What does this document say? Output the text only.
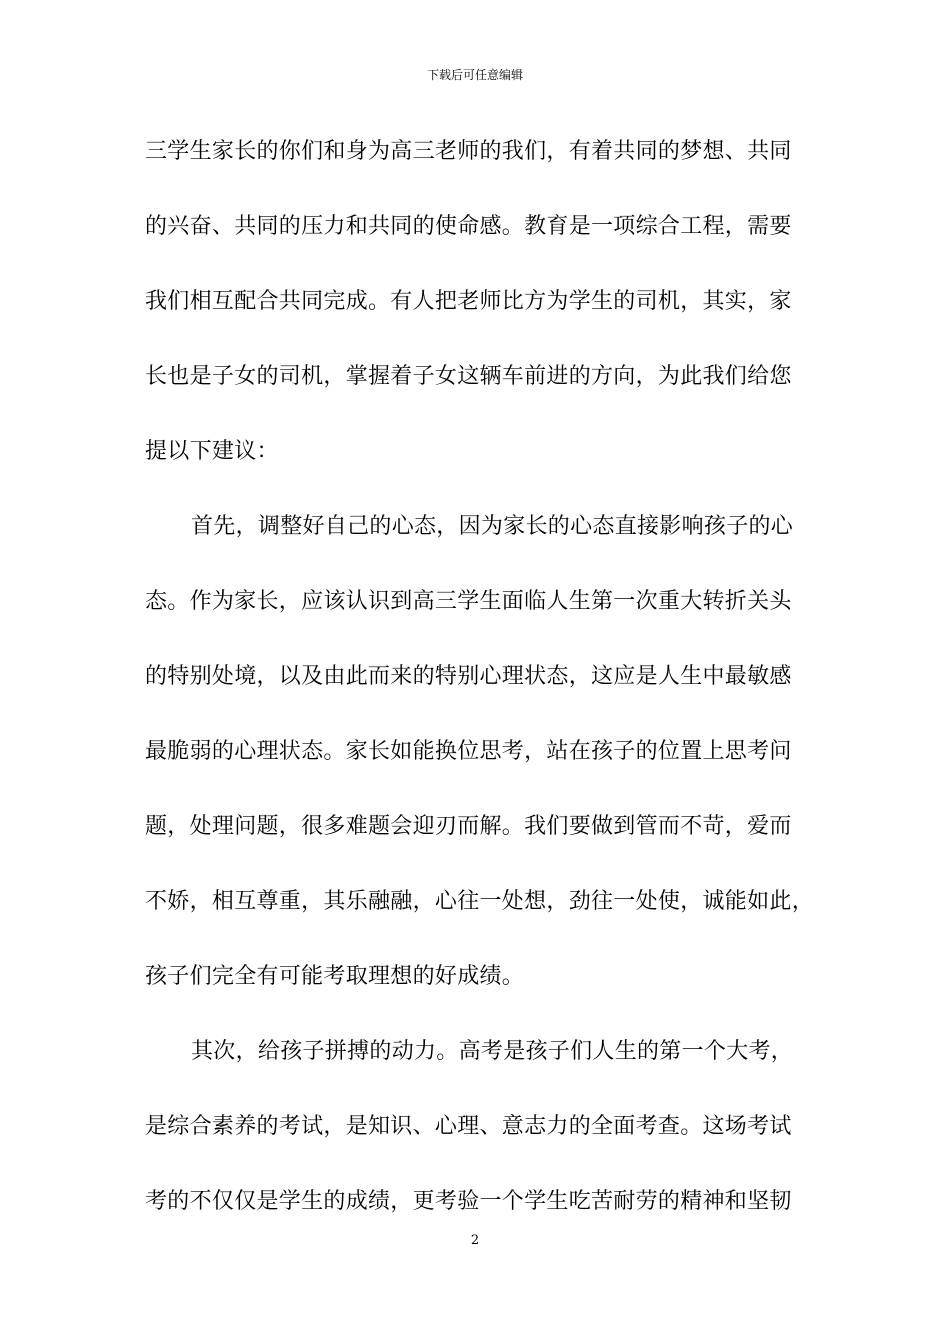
下载后可任意编辑
三学生家长的你们和身为高三老师的我们，有着共同的梦想、共同
的兴奋、共同的压力和共同的使命感。教育是一项综合工程，需要
我们相互配合共同完成。有人把老师比方为学生的司机，其实，家
长也是子女的司机，掌握着子女这辆车前进的方向，为此我们给您
提以下建议：
首先，调整好自己的心态，因为家长的心态直接影响孩子的心
态。作为家长，应该认识到高三学生面临人生第一次重大转折关头
的特别处境，以及由此而来的特别心理状态，这应是人生中最敏感
最脆弱的心理状态。家长如能换位思考，站在孩子的位置上思考问
题，处理问题，很多难题会迎刃而解。我们要做到管而不苛，爱而
不娇，相互尊重，其乐融融，心往一处想，劲往一处使，诚能如此，
孩子们完全有可能考取理想的好成绩。
其次，给孩子拼搏的动力。高考是孩子们人生的第一个大考，
是综合素养的考试，是知识、心理、意志力的全面考查。这场考试
考的不仅仅是学生的成绩，更考验一个学生吃苦耐劳的精神和坚韧
2
